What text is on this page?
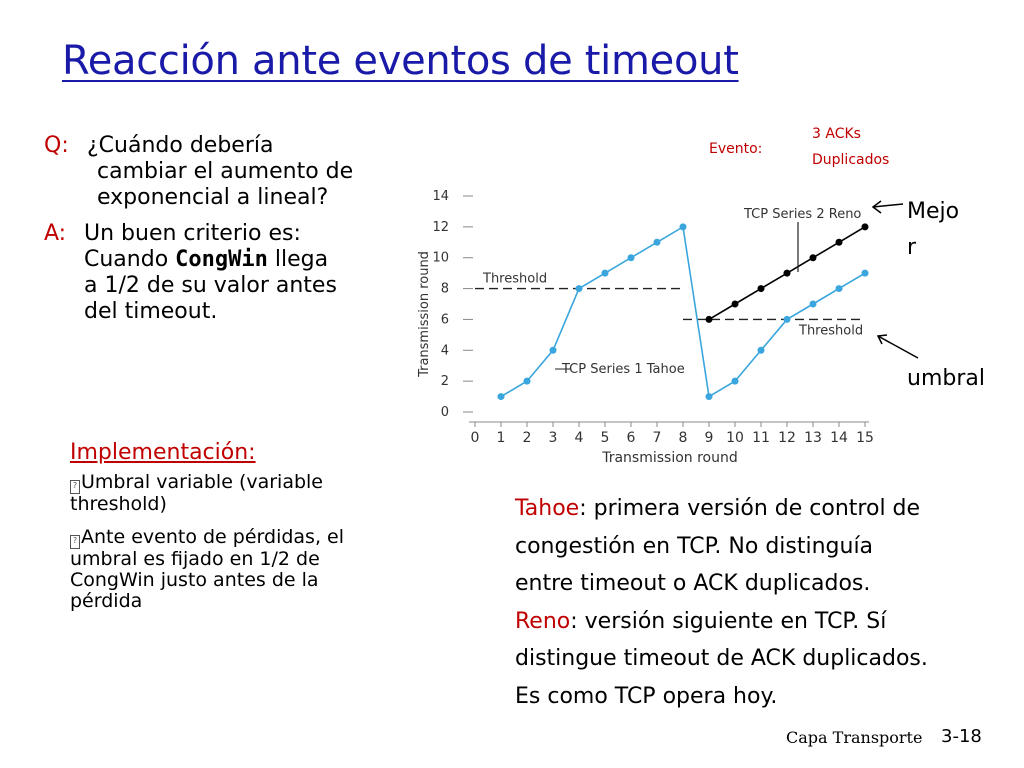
Reacción ante eventos de timeout
Q: ¿Cuándo debería
cambiar el aumento de
exponencial a lineal?
A: Un buen criterio es:
Cuando CongWin llega
a 1/2 de su valor antes
del timeout.
Evento:
3 ACKs
Duplicados
Mejo
r
umbral
0
2
4
6
8
10
12
14
0 1 2 3 4 5 6 7 8 9 10 11 12 13 14 15
Threshold
Threshold
Transmission round
Transmission round	TCP Series 1 Tahoe
TCP Series 2 Reno
Implementación:
? Umbral variable (variable
threshold)
? Ante evento de pérdidas, el
umbral es fijado en 1/2 de
CongWin justo antes de la
pérdida
Tahoe: primera versión de control de
congestión en TCP. No distinguía
entre timeout o ACK duplicados.
Reno: versión siguiente en TCP. Sí
distingue timeout de ACK duplicados.
Es como TCP opera hoy.
Capa Transporte 3-18
